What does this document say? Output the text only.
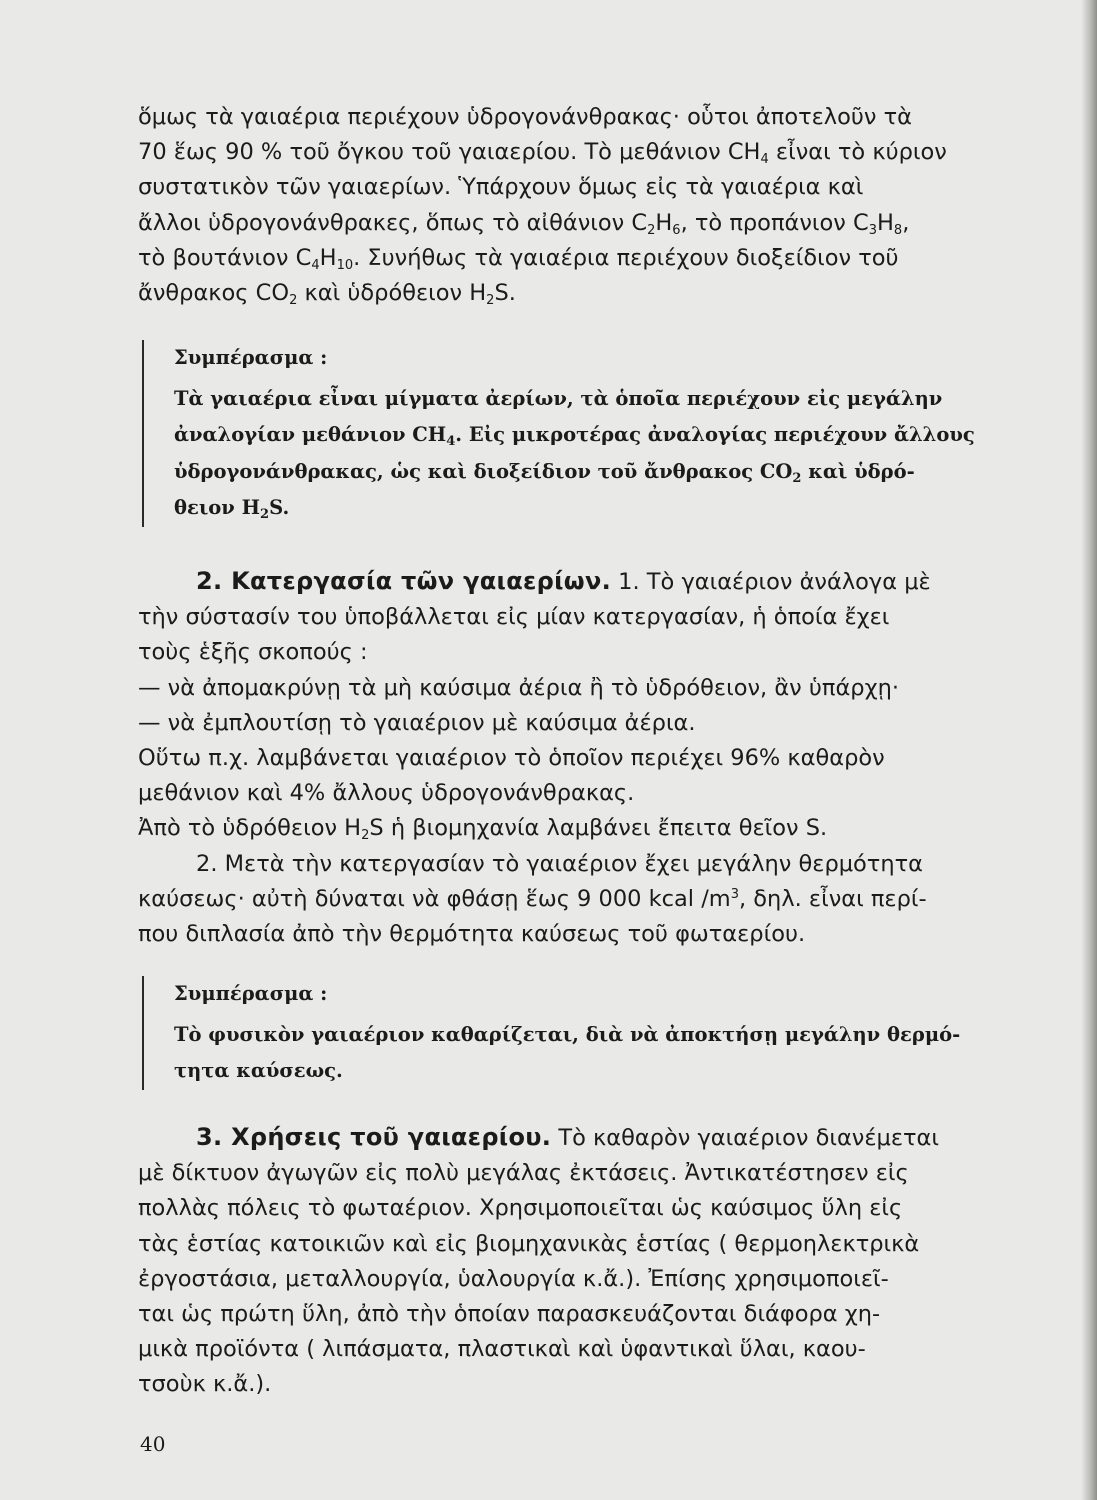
ὅμως τὰ γαιαέρια περιέχουν ὑδρογονάνθρακας· οὗτοι ἀποτελοῦν τὰ
70 ἕως 90 % τοῦ ὄγκου τοῦ γαιαερίου. Τὸ μεθάνιον $CH_4$ εἶναι τὸ κύριον
συστατικὸν τῶν γαιαερίων. Ὑπάρχουν ὅμως εἰς τὰ γαιαέρια καὶ
ἄλλοι ὑδρογονάνθρακες, ὅπως τὸ αἰθάνιον $C_2H_6$, τὸ προπάνιον $C_3H_8$,
τὸ βουτάνιον $C_4H_{10}$. Συνήθως τὰ γαιαέρια περιέχουν διοξείδιον τοῦ
ἄνθρακος $CO_2$ καὶ ὑδρόθειον $H_2S$.
Συμπέρασμα :
Τὰ γαιαέρια εἶναι μίγματα ἀερίων, τὰ ὁποῖα περιέχουν εἰς μεγάλην
ἀναλογίαν μεθάνιον $CH_4$. Εἰς μικροτέρας ἀναλογίας περιέχουν ἄλλους
ὑδρογονάνθρακας, ὡς καὶ διοξείδιον τοῦ ἄνθρακος $CO_2$ καὶ ὑδρό-
θειον $H_2S$.
2. Κατεργασία τῶν γαιαερίων. 1. Τὸ γαιαέριον ἀνάλογα μὲ
τὴν σύστασίν του ὑποβάλλεται εἰς μίαν κατεργασίαν, ἡ ὁποία ἔχει
τοὺς ἑξῆς σκοπούς :
— νὰ ἀπομακρύνῃ τὰ μὴ καύσιμα ἀέρια ἢ τὸ ὑδρόθειον, ἂν ὑπάρχῃ·
— νὰ ἐμπλουτίσῃ τὸ γαιαέριον μὲ καύσιμα ἀέρια.
Οὕτω π.χ. λαμβάνεται γαιαέριον τὸ ὁποῖον περιέχει 96% καθαρὸν
μεθάνιον καὶ 4% ἄλλους ὑδρογονάνθρακας.
Ἀπὸ τὸ ὑδρόθειον $H_2S$ ἡ βιομηχανία λαμβάνει ἔπειτα θεῖον S.
2. Μετὰ τὴν κατεργασίαν τὸ γαιαέριον ἔχει μεγάλην θερμότητα
καύσεως· αὐτὴ δύναται νὰ φθάσῃ ἕως 9 000 kcal $/m^3$, δηλ. εἶναι περί-
που διπλασία ἀπὸ τὴν θερμότητα καύσεως τοῦ φωταερίου.
Συμπέρασμα :
Τὸ φυσικὸν γαιαέριον καθαρίζεται, διὰ νὰ ἀποκτήσῃ μεγάλην θερμό-
τητα καύσεως.
3. Χρήσεις τοῦ γαιαερίου. Τὸ καθαρὸν γαιαέριον διανέμεται
μὲ δίκτυον ἀγωγῶν εἰς πολὺ μεγάλας ἐκτάσεις. Ἀντικατέστησεν εἰς
πολλὰς πόλεις τὸ φωταέριον. Χρησιμοποιεῖται ὡς καύσιμος ὕλη εἰς
τὰς ἑστίας κατοικιῶν καὶ εἰς βιομηχανικὰς ἑστίας ( θερμοηλεκτρικὰ
ἐργοστάσια, μεταλλουργία, ὑαλουργία κ.ἄ.). Ἐπίσης χρησιμοποιεῖ-
ται ὡς πρώτη ὕλη, ἀπὸ τὴν ὁποίαν παρασκευάζονται διάφορα χη-
μικὰ προϊόντα ( λιπάσματα, πλαστικαὶ καὶ ὑφαντικαὶ ὕλαι, καου-
τσοὺκ κ.ἄ.).
40
